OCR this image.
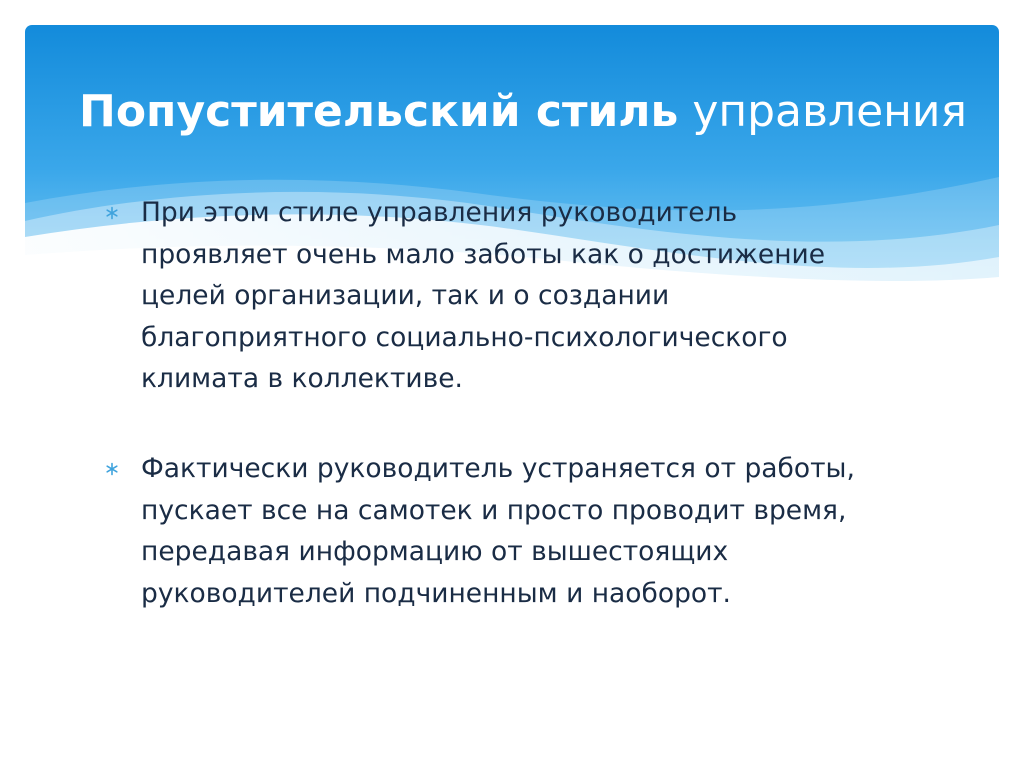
Попустительский стиль управления

При этом стиле управления руководитель
проявляет очень мало заботы как о достижение
целей организации, так и о создании
благоприятного социально-психологического
климата в коллективе.

Фактически руководитель устраняется от работы,
пускает все на самотек и просто проводит время,
передавая информацию от вышестоящих
руководителей подчиненным и наоборот.
